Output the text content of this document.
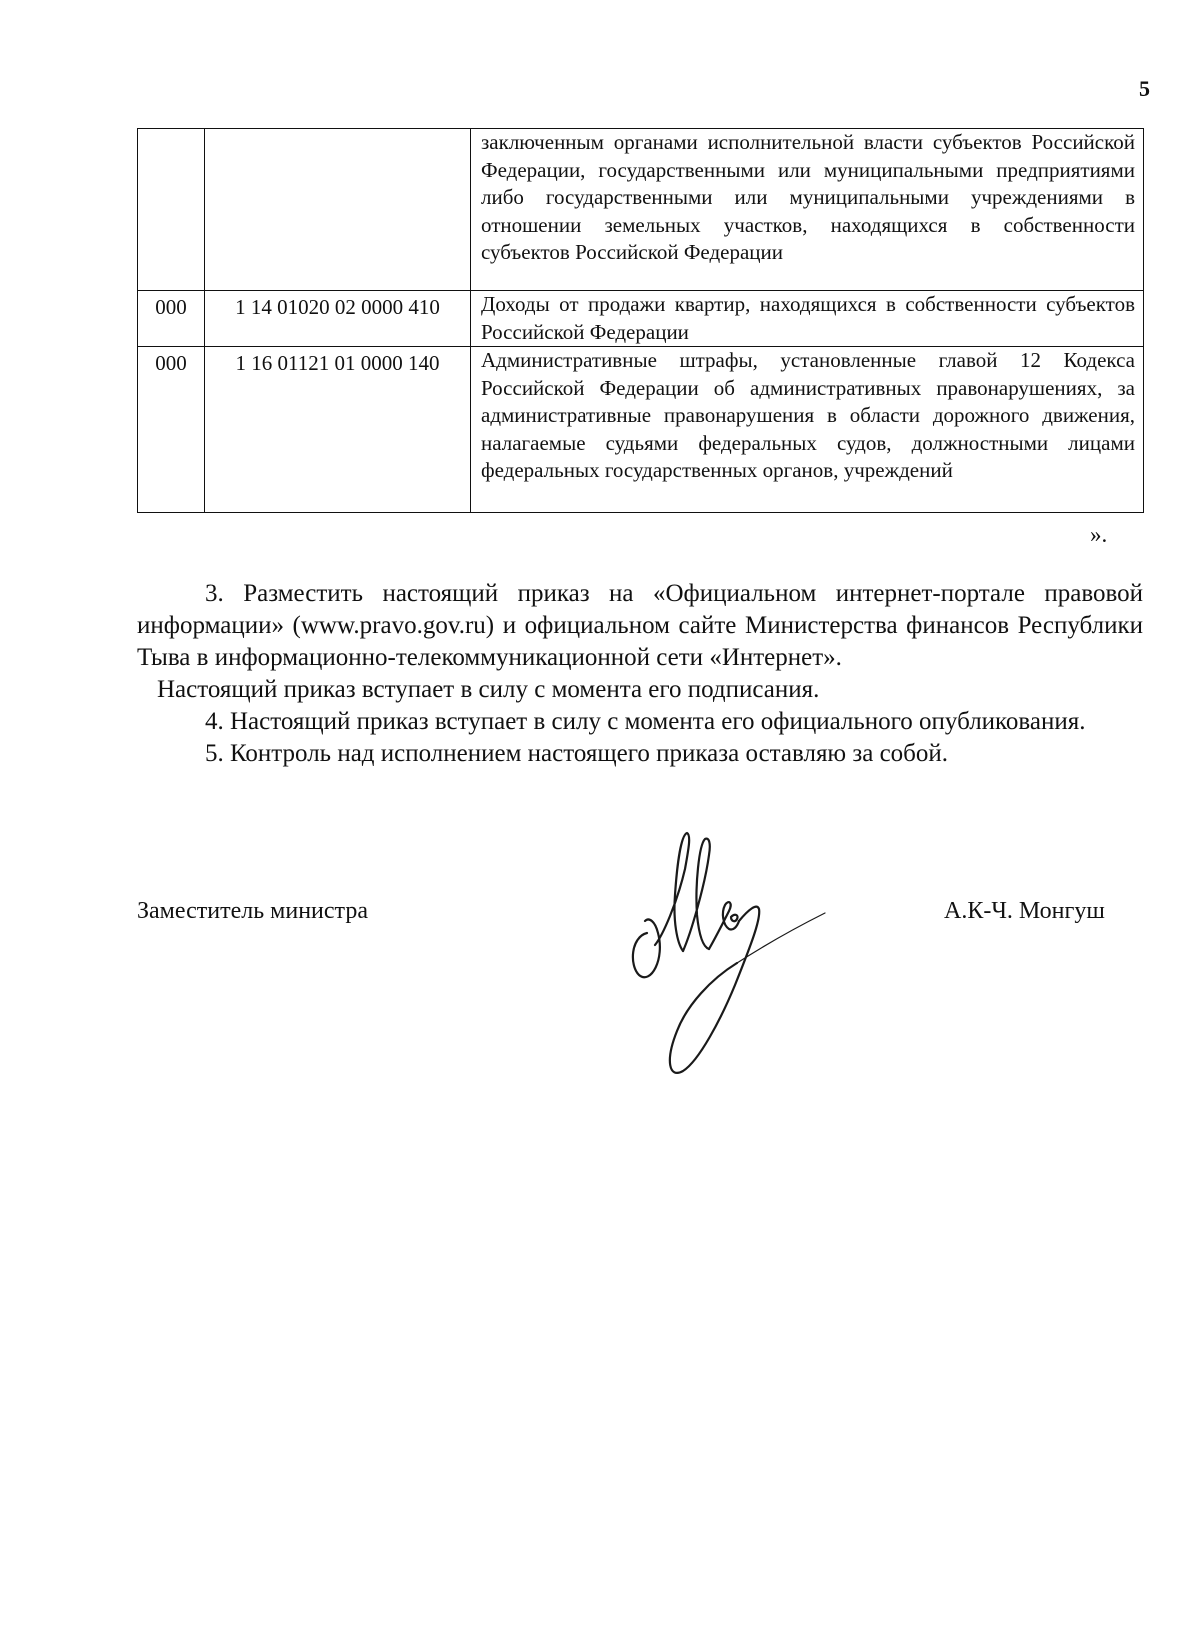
5
		заключенным органами исполнительной власти субъектов Российской Федерации, государственными или муниципальными предприятиями либо государственными или муниципальными учреждениями в отношении земельных участков, находящихся в собственности субъектов Российской Федерации
000	1 14 01020 02 0000 410	Доходы от продажи квартир, находящихся в собственности субъектов Российской Федерации
000	1 16 01121 01 0000 140	Административные штрафы, установленные главой 12 Кодекса Российской Федерации об административных правонарушениях, за административные правонарушения в области дорожного движения, налагаемые судьями федеральных судов, должностными лицами федеральных государственных органов, учреждений
».

3. Разместить настоящий приказ на «Официальном интернет-портале правовой информации» (www.pravo.gov.ru) и официальном сайте Министерства финансов Республики Тыва в информационно-телекоммуникационной сети «Интернет».

Настоящий приказ вступает в силу с момента его подписания.

4. Настоящий приказ вступает в силу с момента его официального опубликования.

5. Контроль над исполнением настоящего приказа оставляю за собой.

Заместитель министра	А.К-Ч. Монгуш
